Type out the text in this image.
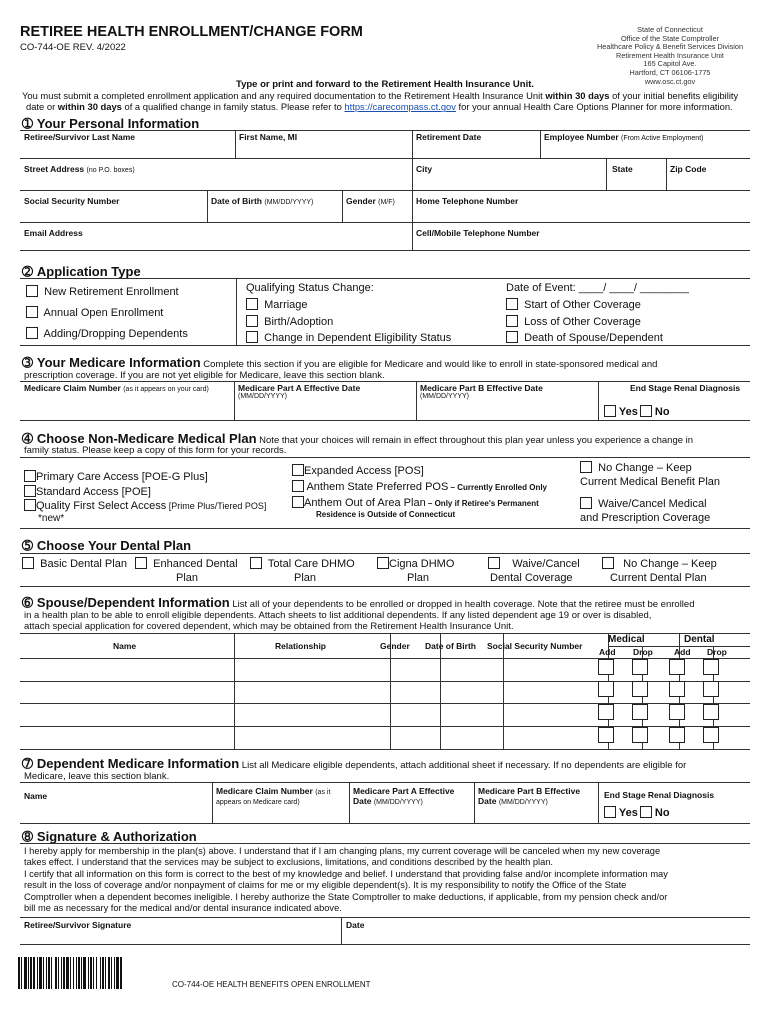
RETIREE HEALTH ENROLLMENT/CHANGE FORM
CO-744-OE REV. 4/2022
State of Connecticut
Office of the State Comptroller
Healthcare Policy & Benefit Services Division
Retirement Health Insurance Unit
165 Capitol Ave.
Hartford, CT 06106-1775
www.osc.ct.gov
Type or print and forward to the Retirement Health Insurance Unit.
You must submit a completed enrollment application and any required documentation to the Retirement Health Insurance Unit within 30 days of your initial benefits eligibility
date or within 30 days of a qualified change in family status. Please refer to https://carecompass.ct.gov for your annual Health Care Options Planner for more information.
➀ Your Personal Information
Retiree/Survivor Last Name	First Name, MI	Retirement Date	Employee Number (From Active Employment)
Street Address (no P.O. boxes)	City	State	Zip Code
Social Security Number	Date of Birth (MM/DD/YYYY)	Gender (M/F) Home Telephone Number
Email Address	Cell/Mobile Telephone Number
➁ Application Type
New Retirement Enrollment
Annual Open Enrollment
Adding/Dropping Dependents
Qualifying Status Change:
Marriage
Birth/Adoption
Change in Dependent Eligibility Status
Date of Event: ____/ ____/ ________
Start of Other Coverage
Loss of Other Coverage
Death of Spouse/Dependent
➂ Your Medicare Information Complete this section if you are eligible for Medicare and would like to enroll in state-sponsored medical and
prescription coverage. If you are not yet eligible for Medicare, leave this section blank.
Medicare Claim Number (as it appears on your card)	Medicare Part A Effective Date
(MM/DD/YYYY)
Medicare Part B Effective Date
(MM/DD/YYYY)
End Stage Renal Diagnosis
Yes No
➃ Choose Non-Medicare Medical Plan Note that your choices will remain in effect throughout this plan year unless you experience a change in
family status. Please keep a copy of this form for your records.
Primary Care Access [POE-G Plus]
Standard Access [POE]
Quality First Select Access [Prime Plus/Tiered POS]
*new*
Expanded Access [POS]
Anthem State Preferred POS – Currently Enrolled Only
Anthem Out of Area Plan – Only if Retiree's Permanent
Residence is Outside of Connecticut
No Change – Keep
Current Medical Benefit Plan
Waive/Cancel Medical
and Prescription Coverage
➄ Choose Your Dental Plan
Basic Dental Plan	Enhanced Dental
Plan
Total Care DHMO
Plan
Cigna DHMO
Plan
Waive/Cancel
Dental Coverage
No Change – Keep
Current Dental Plan
➅ Spouse/Dependent Information List all of your dependents to be enrolled or dropped in health coverage. Note that the retiree must be enrolled
in a health plan to be able to enroll eligible dependents. Attach sheets to list additional dependents. If any listed dependent age 19 or over is disabled,
attach special application for covered dependent, which may be obtained from the Retirement Health Insurance Unit.
Name	Relationship	Gender Date of Birth Social Security Number
Medical	Dental
Add Drop Add Drop
➆ Dependent Medicare Information List all Medicare eligible dependents, attach additional sheet if necessary. If no dependents are eligible for
Medicare, leave this section blank.
Name	Medicare Claim Number (as it
appears on Medicare card)
Medicare Part A Effective
Date (MM/DD/YYYY)
Medicare Part B Effective
Date (MM/DD/YYYY)
End Stage Renal Diagnosis
Yes No
➇ Signature & Authorization
I hereby apply for membership in the plan(s) above. I understand that if I am changing plans, my current coverage will be canceled when my new coverage
takes effect. I understand that the services may be subject to exclusions, limitations, and conditions described by the health plan.
I certify that all information on this form is correct to the best of my knowledge and belief. I understand that providing false and/or incomplete information may
result in the loss of coverage and/or nonpayment of claims for me or my eligible dependent(s). It is my responsibility to notify the Office of the State
Comptroller when a dependent becomes ineligible. I hereby authorize the State Comptroller to make deductions, if applicable, from my pension check and/or
bill me as necessary for the medical and/or dental insurance indicated above.
Retiree/Survivor Signature	Date
CO-744-OE HEALTH BENEFITS OPEN ENROLLMENT
